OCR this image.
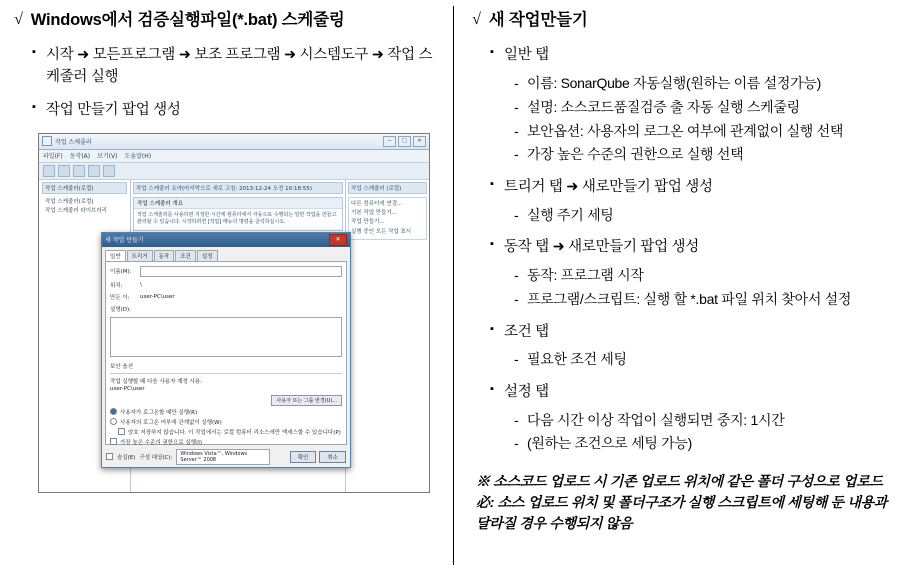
√ Windows에서 검증실행파일(*.bat) 스케줄링
▪ 시작 ➜ 모든프로그램 ➜ 보조 프로그램 ➜ 시스템도구 ➜ 작업 스케줄러 실행
▪ 작업 만들기 팝업 생성
작업 스케줄러	─	□	✕
파일(F) 동작(A) 보기(V) 도움말(H)
작업 스케줄러(로컬)
작업 스케줄러(로컬)
작업 스케줄러 라이브러리
작업 스케줄러 요약(마지막으로 새로 고침: 2013-12-24 오전 10:18:55)
작업 스케줄러 개요
작업 스케줄러를 사용하면 지정한 시간에 컴퓨터에서 자동으로 수행되는 일반 작업을 만들고 관리할 수 있습니다. 시작하려면 [작업] 메뉴의 명령을 클릭하십시오.
작업 스케줄러 (로컬)
다른 컴퓨터에 연결...
기본 작업 만들기...
작업 만들기...
실행 중인 모든 작업 표시
새 작업 만들기	✕
일반	트리거	동작	조건	설정
이름(M):
위치:	\
만든 이:	user-PC\user
설명(D):
보안 옵션
작업 실행할 때 다음 사용자 계정 사용:
user-PC\user
사용자 또는 그룹 변경(U)...
사용자가 로그온할 때만 실행(R)
사용자의 로그온 여부에 관계없이 실행(W)
암호 저장하지 않습니다. 이 작업에서는 로컬 컴퓨터 리소스에만 액세스할 수 있습니다(P)
가장 높은 수준의 권한으로 실행(I)
숨김(E) 구성 대상(C):
Windows Vista™, Windows Server™ 2008	확인	취소
√ 새 작업만들기
▪ 일반 탭
- 이름: SonarQube 자동실행(원하는 이름 설정가능)
- 설명: 소스코드품질검증 출 자동 실행 스케줄링
- 보안옵션: 사용자의 로그온 여부에 관계없이 실행 선택
- 가장 높은 수준의 권한으로 실행 선택
▪ 트리거 탭 ➜ 새로만들기 팝업 생성
- 실행 주기 세팅
▪ 동작 탭 ➜ 새로만들기 팝업 생성
- 동작: 프로그램 시작
- 프로그램/스크립트: 실행 할 *.bat 파일 위치 찾아서 설정
▪ 조건 탭
- 필요한 조건 세팅
▪ 설정 탭
- 다음 시간 이상 작업이 실행되면 중지: 1시간
- (원하는 조건으로 세팅 가능)
※ 소스코드 업로드 시 기존 업로드 위치에 같은 폴더 구성으로 업로드 必: 소스 업로드 위치 및 폴더구조가 실행 스크립트에 세팅해 둔 내용과 달라질 경우 수행되지 않음
